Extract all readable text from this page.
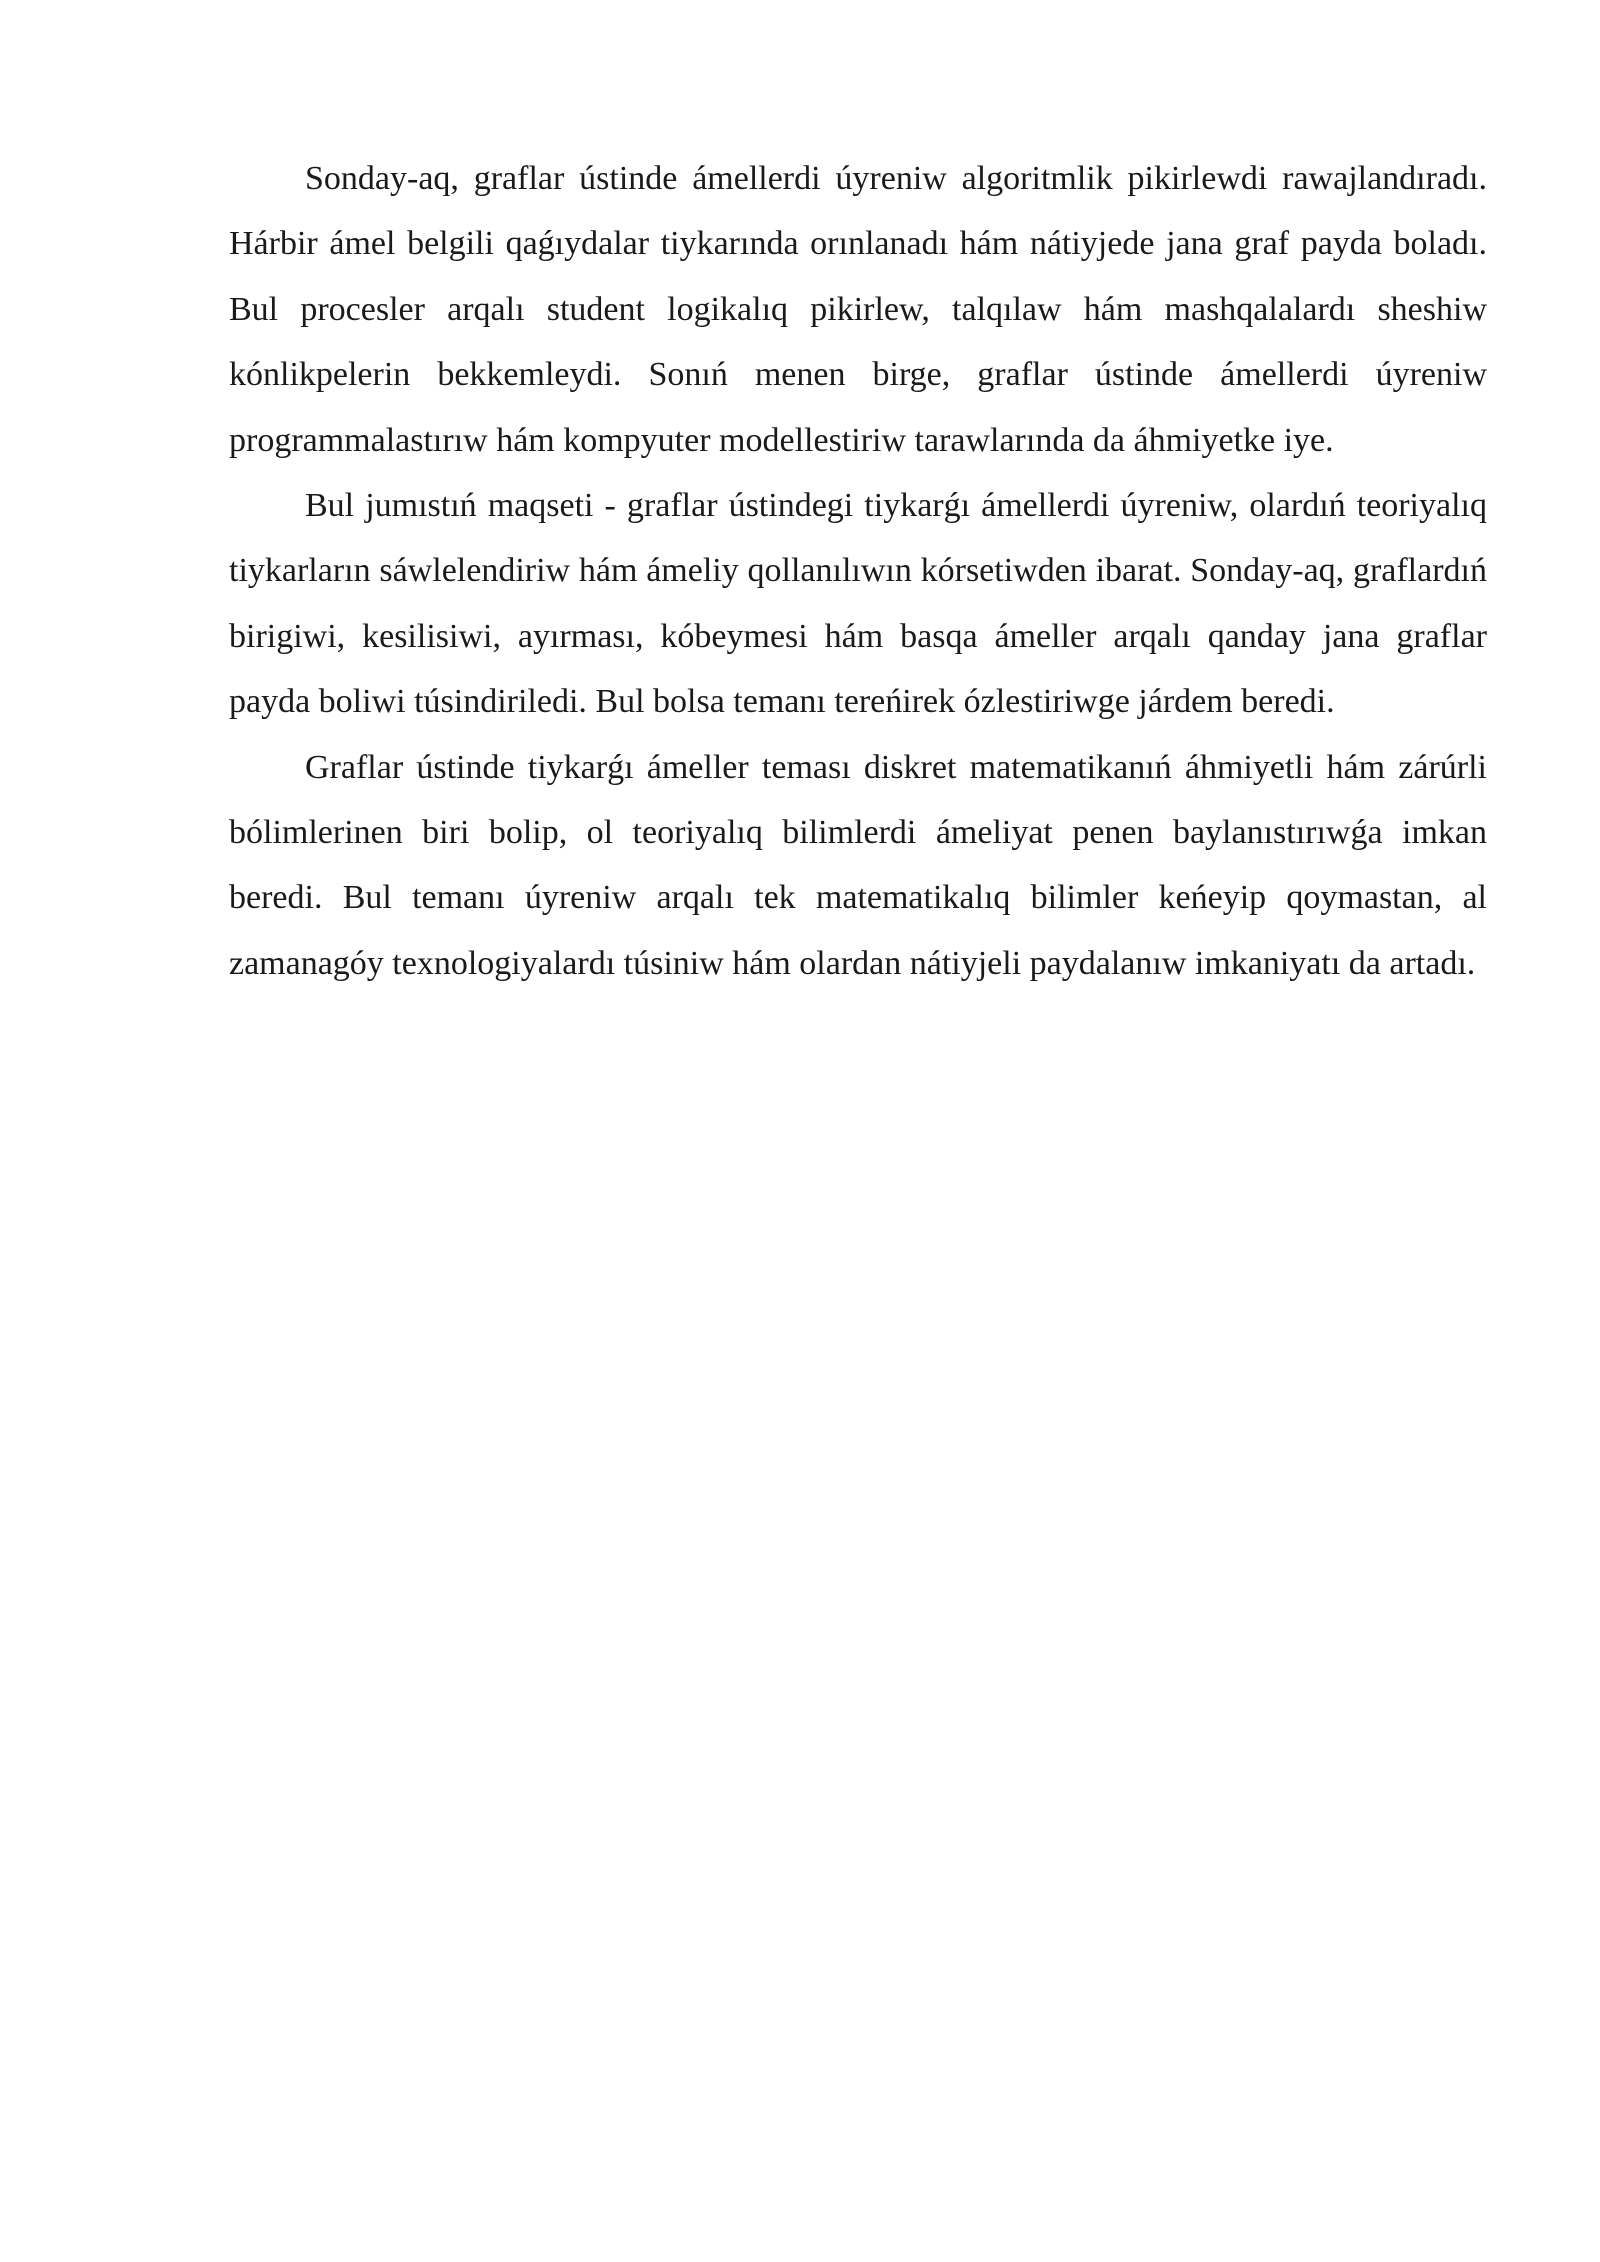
Sonday-aq, graflar ústinde ámellerdi úyreniw algoritmlik pikirlewdi rawajlandıradı. Hárbir ámel belgili qaǵıydalar tiykarında orınlanadı hám nátiyjede jana graf payda boladı. Bul procesler arqalı student logikalıq pikirlew, talqılaw hám mashqalalardı sheshiw kónlikpelerin bekkemleydi. Sonıń menen birge, graflar ústinde ámellerdi úyreniw programmalastırıw hám kompyuter modellestiriw tarawlarında da áhmiyetke iye.

Bul jumıstıń maqseti - graflar ústindegi tiykarǵı ámellerdi úyreniw, olardıń teoriyalıq tiykarların sáwlelendiriw hám ámeliy qollanılıwın kórsetiwden ibarat. Sonday-aq, graflardıń birigiwi, kesilisiwi, ayırması, kóbeymesi hám basqa ámeller arqalı qanday jana graflar payda boliwi túsindiriledi. Bul bolsa temanı tereńirek ózlestiriwge járdem beredi.

Graflar ústinde tiykarǵı ámeller teması diskret matematikanıń áhmiyetli hám zárúrli bólimlerinen biri bolip, ol teoriyalıq bilimlerdi ámeliyat penen baylanıstırıwǵa imkan beredi. Bul temanı úyreniw arqalı tek matematikalıq bilimler keńeyip qoymastan, al zamanagóy texnologiyalardı túsiniw hám olardan nátiyjeli paydalanıw imkaniyatı da artadı.
